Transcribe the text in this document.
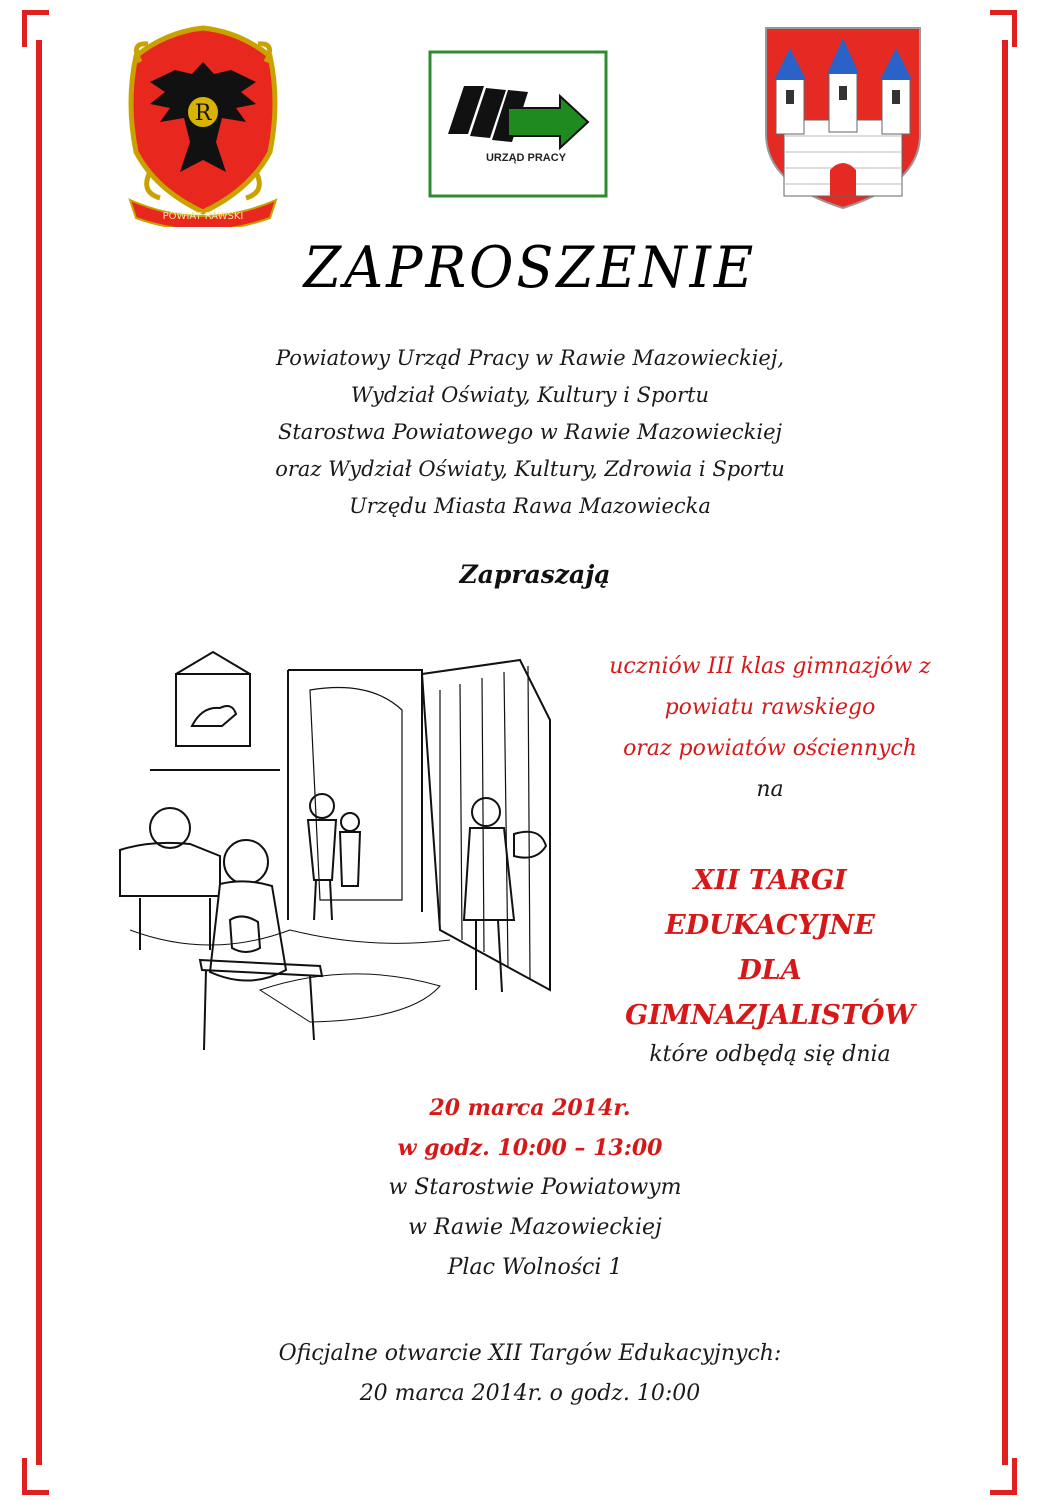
R
POWIAT RAWSKI
URZĄD PRACY
ZAPROSZENIE
Powiatowy Urząd Pracy w Rawie Mazowieckiej,
Wydział Oświaty, Kultury i Sportu
Starostwa Powiatowego w Rawie Mazowieckiej
oraz Wydział Oświaty, Kultury, Zdrowia i Sportu
Urzędu Miasta Rawa Mazowiecka
Zapraszają
uczniów III klas gimnazjów z
powiatu rawskiego
oraz powiatów ościennych
na
XII TARGI
EDUKACYJNE
DLA
GIMNAZJALISTÓW
które odbędą się dnia
20 marca 2014r.
w godz. 10:00 – 13:00
w Starostwie Powiatowym
w Rawie Mazowieckiej
Plac Wolności 1
Oficjalne otwarcie XII Targów Edukacyjnych:
20 marca 2014r. o godz. 10:00
